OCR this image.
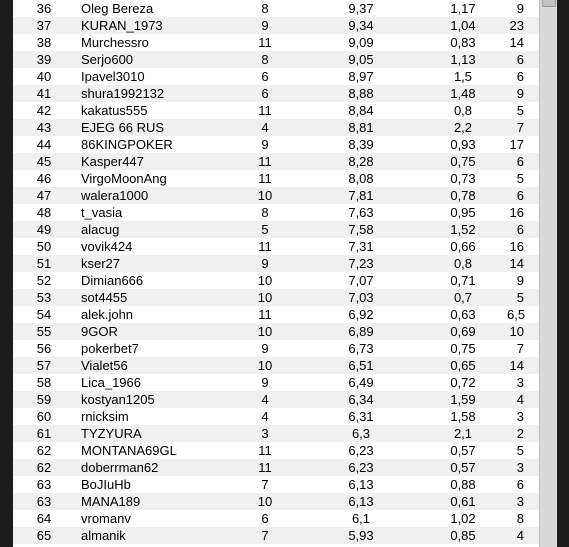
36	Oleg Bereza	8	9,37	1,17	9
37	KURAN_1973	9	9,34	1,04	23
38	Murchessro	11	9,09	0,83	14
39	Serjo600	8	9,05	1,13	6
40	Ipavel3010	6	8,97	1,5	6
41	shura1992132	6	8,88	1,48	9
42	kakatus555	11	8,84	0,8	5
43	EJEG 66 RUS	4	8,81	2,2	7
44	86KINGPOKER	9	8,39	0,93	17
45	Kasper447	11	8,28	0,75	6
46	VirgoMoonAng	11	8,08	0,73	5
47	walera1000	10	7,81	0,78	6
48	t_vasia	8	7,63	0,95	16
49	alacug	5	7,58	1,52	6
50	vovik424	11	7,31	0,66	16
51	kser27	9	7,23	0,8	14
52	Dimian666	10	7,07	0,71	9
53	sot4455	10	7,03	0,7	5
54	alek.john	11	6,92	0,63	6,5
55	9GOR	10	6,89	0,69	10
56	pokerbet7	9	6,73	0,75	7
57	Vialet56	10	6,51	0,65	14
58	Lica_1966	9	6,49	0,72	3
59	kostyan1205	4	6,34	1,59	4
60	rnicksim	4	6,31	1,58	3
61	TYZYURA	3	6,3	2,1	2
62	MONTANA69GL	11	6,23	0,57	5
62	doberrman62	11	6,23	0,57	3
63	BoJIuHb	7	6,13	0,88	6
63	MANA189	10	6,13	0,61	3
64	vromanv	6	6,1	1,02	8
65	almanik	7	5,93	0,85	4
